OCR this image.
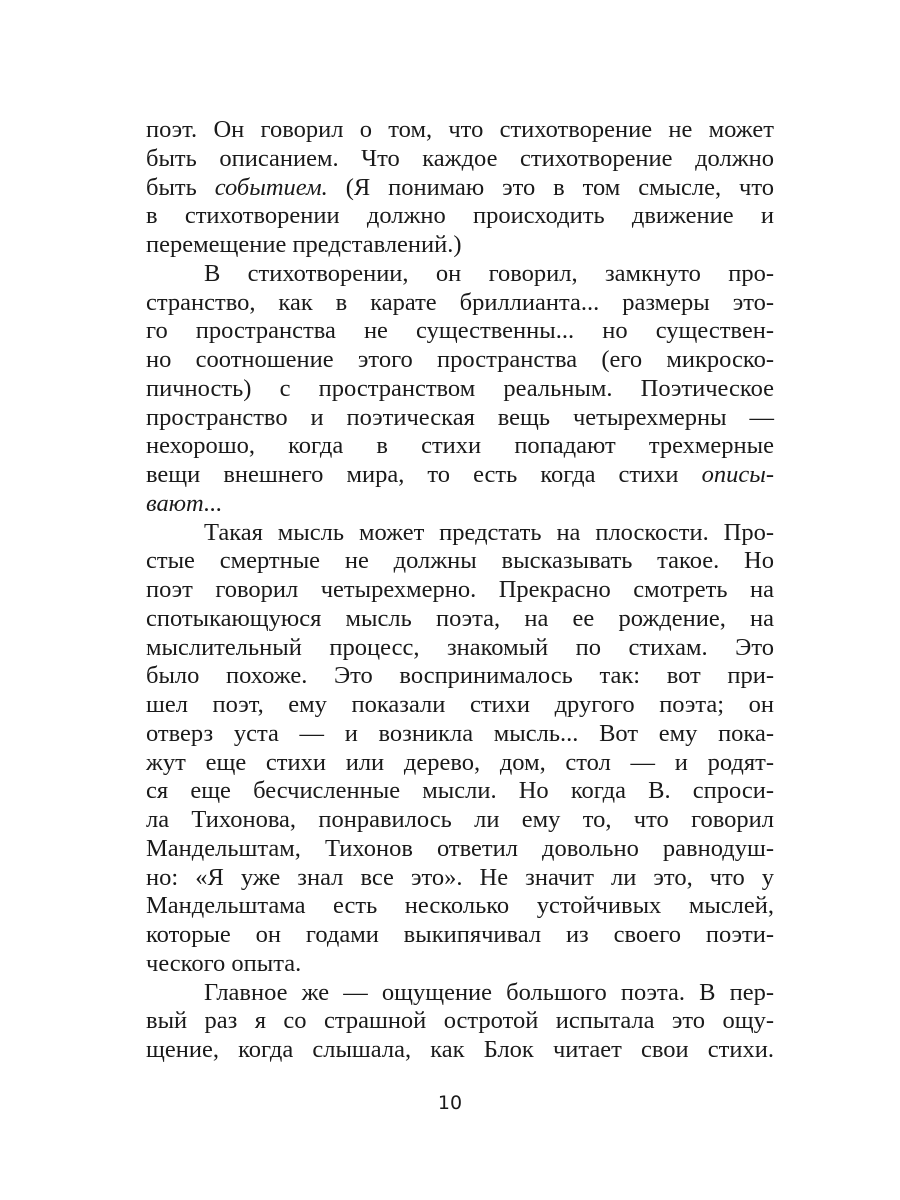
поэт. Он говорил о том, что стихотворение не может
быть описанием. Что каждое стихотворение должно
быть событием. (Я понимаю это в том смысле, что
в стихотворении должно происходить движение и
перемещение представлений.)
В стихотворении, он говорил, замкнуто про-
странство, как в карате бриллианта... размеры это-
го пространства не существенны... но существен-
но соотношение этого пространства (его микроско-
пичность) с пространством реальным. Поэтическое
пространство и поэтическая вещь четырехмерны —
нехорошо, когда в стихи попадают трехмерные
вещи внешнего мира, то есть когда стихи описы-
вают...
Такая мысль может предстать на плоскости. Про-
стые смертные не должны высказывать такое. Но
поэт говорил четырехмерно. Прекрасно смотреть на
спотыкающуюся мысль поэта, на ее рождение, на
мыслительный процесс, знакомый по стихам. Это
было похоже. Это воспринималось так: вот при-
шел поэт, ему показали стихи другого поэта; он
отверз уста — и возникла мысль... Вот ему пока-
жут еще стихи или дерево, дом, стол — и родят-
ся еще бесчисленные мысли. Но когда В. спроси-
ла Тихонова, понравилось ли ему то, что говорил
Мандельштам, Тихонов ответил довольно равнодуш-
но: «Я уже знал все это». Не значит ли это, что у
Мандельштама есть несколько устойчивых мыслей,
которые он годами выкипячивал из своего поэти-
ческого опыта.
Главное же — ощущение большого поэта. В пер-
вый раз я со страшной остротой испытала это ощу-
щение, когда слышала, как Блок читает свои стихи.
10
